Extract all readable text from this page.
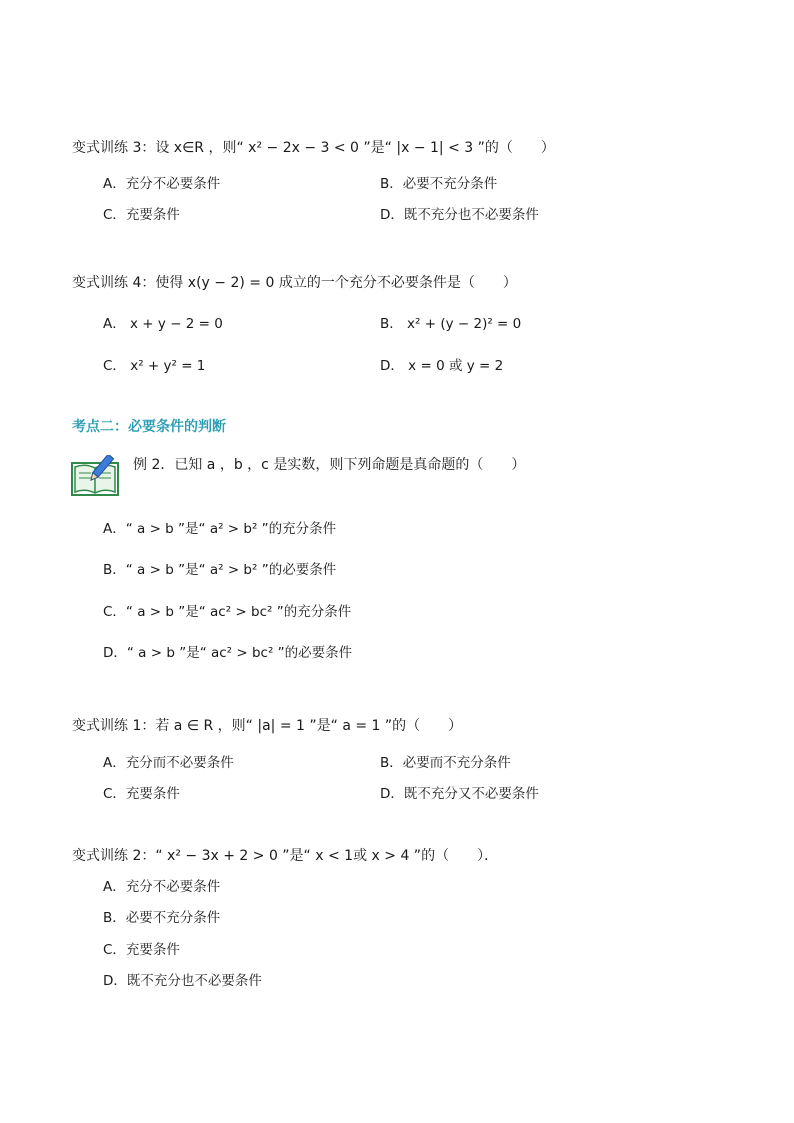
变式训练 3：设 x∈R ，则“ x² − 2x − 3 < 0 ”是“ |x − 1| < 3 ”的（　　）
A．充分不必要条件	B．必要不充分条件
C．充要条件	D．既不充分也不必要条件
变式训练 4：使得 x(y − 2) = 0 成立的一个充分不必要条件是（　　）
A． x + y − 2 = 0	B． x² + (y − 2)² = 0
C． x² + y² = 1	D． x = 0 或 y = 2
考点二：必要条件的判断
例 2．已知 a ，b ，c 是实数，则下列命题是真命题的（　　）
A．“ a > b ”是“ a² > b² ”的充分条件
B．“ a > b ”是“ a² > b² ”的必要条件
C．“ a > b ”是“ ac² > bc² ”的充分条件
D．“ a > b ”是“ ac² > bc² ”的必要条件
变式训练 1：若 a ∈ R ，则“ |a| = 1 ”是“ a = 1 ”的（　　）
A．充分而不必要条件	B．必要而不充分条件
C．充要条件	D．既不充分又不必要条件
变式训练 2：“ x² − 3x + 2 > 0 ”是“ x < 1或 x > 4 ”的（　　）．
A．充分不必要条件
B．必要不充分条件
C．充要条件
D．既不充分也不必要条件
